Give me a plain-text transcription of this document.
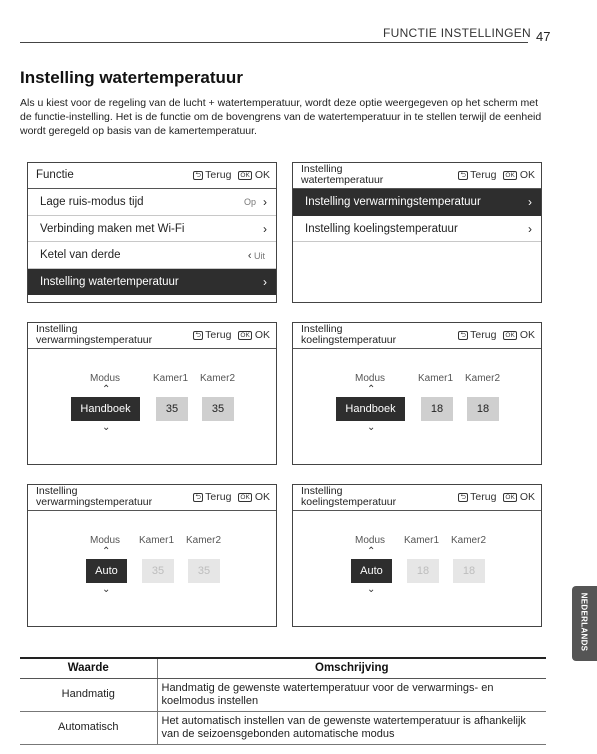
FUNCTIE INSTELLINGEN 47
Instelling watertemperatuur
Als u kiest voor de regeling van de lucht + watertemperatuur, wordt deze optie weergegeven op het scherm met de functie-instelling. Het is de functie om de bovengrens van de watertemperatuur in te stellen terwijl de eenheid wordt geregeld op basis van de kamertemperatuur.
Functie	⮌ Terug	OK OK
Lage ruis-modus tijd	Op ›
Verbinding maken met Wi-Fi	›
Ketel van derde	‹ Uit
Instelling watertemperatuur	›
Instelling
watertemperatuur	⮌ Terug	OK OK
Instelling verwarmingstemperatuur	›
Instelling koelingstemperatuur	›
Instelling
verwarmingstemperatuur	⮌ Terug	OK OK
Modus	Kamer1 Kamer2
⌃
Handboek	35	35
⌄
Instelling
koelingstemperatuur	⮌ Terug	OK OK
Modus	Kamer1 Kamer2
⌃
Handboek	18	18
⌄
Instelling
verwarmingstemperatuur	⮌ Terug	OK OK
Modus Kamer1 Kamer2
⌃
Auto	35	35
⌄
Instelling
koelingstemperatuur	⮌ Terug	OK OK
Modus Kamer1 Kamer2
⌃
Auto	18	18
⌄
NEDERLANDS
Waarde	Omschrijving
Handmatig	Handmatig de gewenste watertemperatuur voor de verwarmings- en koelmodus instellen
Automatisch	Het automatisch instellen van de gewenste watertemperatuur is afhankelijk van de seizoensgebonden automatische modus
